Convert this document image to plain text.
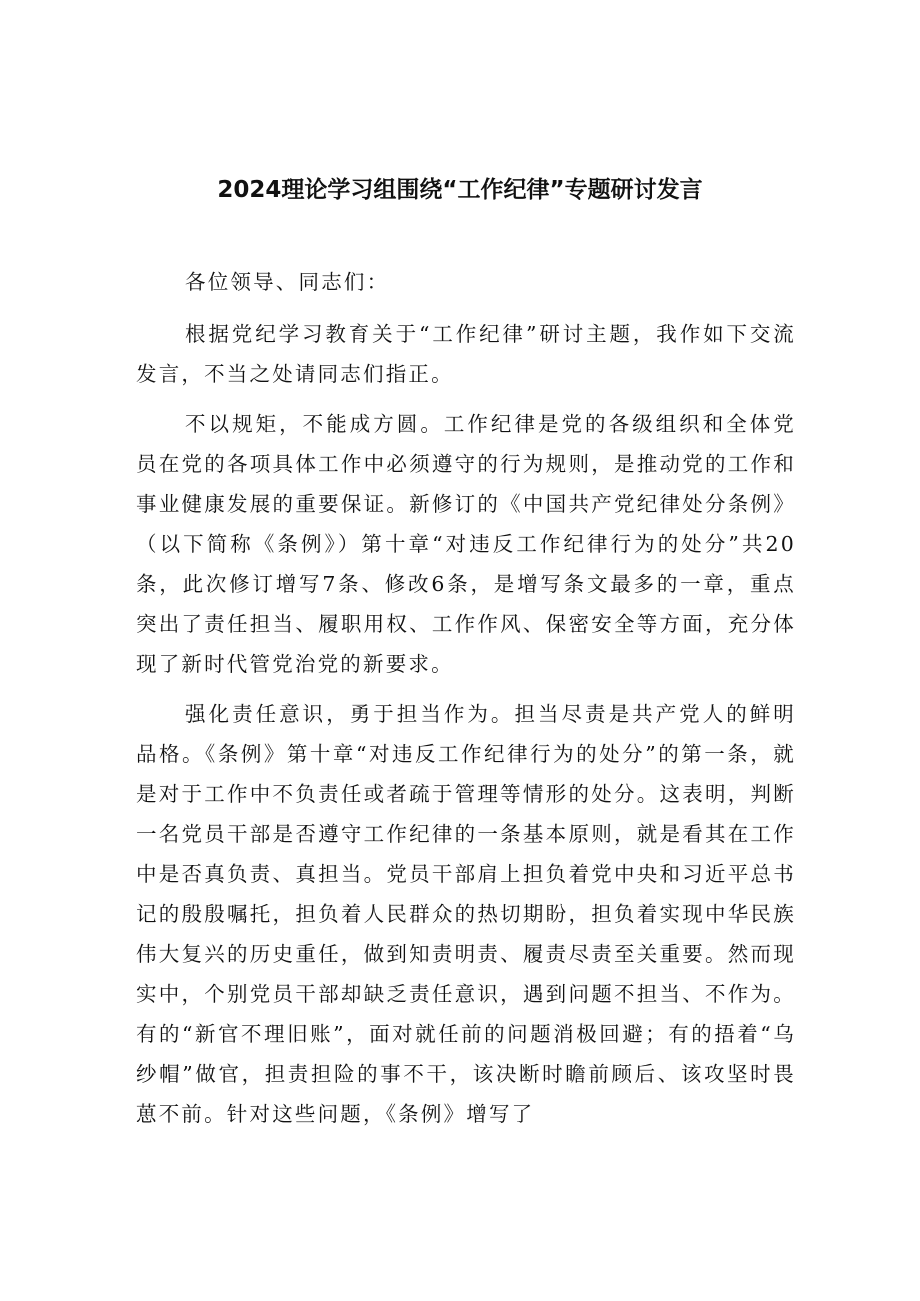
2024理论学习组围绕“工作纪律”专题研讨发言

各位领导、同志们：

根据党纪学习教育关于“工作纪律”研讨主题，我作如下交流发言，不当之处请同志们指正。

不以规矩，不能成方圆。工作纪律是党的各级组织和全体党员在党的各项具体工作中必须遵守的行为规则，是推动党的工作和事业健康发展的重要保证。新修订的《中国共产党纪律处分条例》（以下简称《条例》）第十章“对违反工作纪律行为的处分”共20条，此次修订增写7条、修改6条，是增写条文最多的一章，重点突出了责任担当、履职用权、工作作风、保密安全等方面，充分体现了新时代管党治党的新要求。

强化责任意识，勇于担当作为。担当尽责是共产党人的鲜明品格。《条例》第十章“对违反工作纪律行为的处分”的第一条，就是对于工作中不负责任或者疏于管理等情形的处分。这表明，判断一名党员干部是否遵守工作纪律的一条基本原则，就是看其在工作中是否真负责、真担当。党员干部肩上担负着党中央和习近平总书记的殷殷嘱托，担负着人民群众的热切期盼，担负着实现中华民族伟大复兴的历史重任，做到知责明责、履责尽责至关重要。然而现实中，个别党员干部却缺乏责任意识，遇到问题不担当、不作为。有的“新官不理旧账”，面对就任前的问题消极回避；有的捂着“乌纱帽”做官，担责担险的事不干，该决断时瞻前顾后、该攻坚时畏葸不前。针对这些问题，《条例》增写了
